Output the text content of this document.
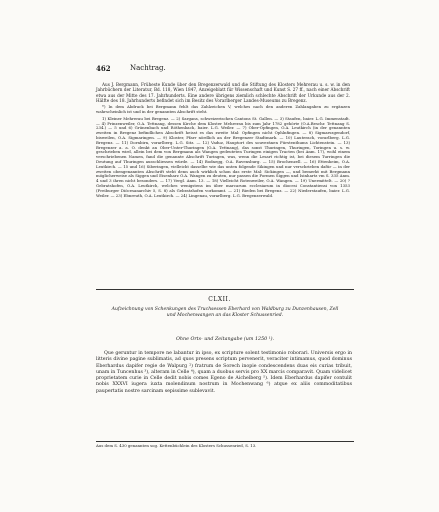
462	Nachtrag.

Aus J. Bergmann, Früheste Kunde über den Bregenzerwald und die Stiftung des Klosters Mehrerau u. s. w. in den Jahrbüchern der Literatur, Bd. 118, Wien 1847, Anzeigeblatt für Wissenschaft und Kunst S. 27 ff., nach einer Abschrift etwa aus der Mitte des 17. Jahrhunderts. Eine andere übrigens ziemlich schlechte Abschrift der Urkunde aus der 2. Hälfte des 18. Jahrhunderts befindet sich im Besitz des Vorarlberger Landes-Museums zu Bregenz.

*) In dem Abdruck bei Bergmann fehlt das Zahlzeichen V, welches nach den anderen Zahlangaben zu ergänzen wahrscheinlich ist und in der genannten Abschrift steht.

1) Kleiner Mehrerau bei Bregenz. — 2) Sargans, schweizerischen Cantons St. Gallen. — 3) Staufen, baier. L.G. Immenstadt. — 4) Prinzenweiler, O.A. Tettnang, dessen Kirche dem Kloster Mehrerau bis zum Jahr 1782 gehörte (O.A.Beschr. Tettnang S. 234.) — 5 und 6) Grünenbach und Röthenbach, baier. L.G. Weiler. — 7) Ober-Opfingen, O.A. Leutkirch (in der genannten zweiten in Bregenz befindlichen Abschrift heisst es das zweite Mal: Opfingen nicht Ophlnfingen. — 8) Sigmarszgendorf, bisweilen, O.A. Sigmaringen. — 9) Kloster, Pfarr nördlich an der Bregenzer Stadtmark. — 10) Lauterach, vorarlberg. L.G. Bregenz. — 11) Dornbirn, vorarlberg. L.G. Sitz. — 12) Vaduz, Hauptort des souveränen Fürstenthums Lichtenstein. — 13) Bregenzer a. a. O. denkt an Ober-Unter-Thuringen (O.A. Tettnang), das sonst Thuringen, Thuringen, Toringen u. s. w. geschrieben wird, allein bei dem von Bergmann als Wangen gedeuteten Turingen einigen Tracten (bei Anm. 17), wohl einem verschriebenen Namen, fand die genannte Abschrift Turingen, was, wenn die Lesart richtig ist, bei diesem Turringen die Deutung auf Thuringen ausschliessen würde. — 14) Bodnegg, O.A. Ravensburg. — 15) Brochenzell. — 16) Ettenheim, O.A. Leutkirch. — 15 und 16) Siberingen, vielleicht dasselbe wie das unten folgende Sikingen und nur verschrieben dafür — in der zweiten obengenannten Abschrift steht denn auch wirklich schon das erste Mal: Sickingen —, und bemerkt mit Bergmann möglicherweise als Siggen und Eisenharz O.A. Wangen zu deuten, nur passen die Formen Siggen und Isinhartz vm S. 335 Anm. 4 und 3 ihren nicht besonders. — 17) Vergl. Anm. 13. — 18) Vielleicht Rotenweiler, O.A. Wangen. — 19) Unermittelt. — 20) ? Gebratshofen, O.A. Leutkirch, welches wenigstens im über marcarum ecclesiarum in diocesi Constantiensi von 1353 (Freiburger Diöcesanarchiv 5, S. 8) als Gebratzhofen vorkommt. — 21) Rieden bei Bregenz. — 22) Niederstaufen, baier. L.G. Weiler. — 23) Ebnreuth, O.A. Leutkirch. — 24) Lingenau, vorarlberg. L.G. Bregenzerwald.

CLXII.
Aufzeichnung von Schenkungen des Truchsessen Eberhard von Waldburg zu Dunzenhausen, Zell und Mochenwangen an das Kloster Schussenried.
Ohne Orts- und Zeitangabe (um 1250 ¹).

Que geruntur in tempore ne labantur in ipso, ex scripture solent testimonio roborari. Universis ergo in litteris divine pagine sublimatis, ad quos presens scriptum pervenerit, veraciter intimamus, quod dominus Eberhardus dapifer regie de Walpurg ²) fratrum de Sorech inopie condescendens duas eis curias tribuit, unam in Tuncenhus ³), alteram in Celle ⁴), quam a duobus servis pro XX marcis comparavit. Quam videlicet proprietatem curie in Celle dedit nobis comes Egeno de Aichelberg ⁵). Idem Eberhardus dapifer contulit nobis XXXVI iugera iuxta molendinum nostrum in Mochenwang ⁶) atque ex aliis commoditatibus paupertatis nostre sarcinam sepissime sublevavit.

Aus dem S. 430 genannten sog. Kettenbüchlein des Klosters Schussenried, S. 13.
